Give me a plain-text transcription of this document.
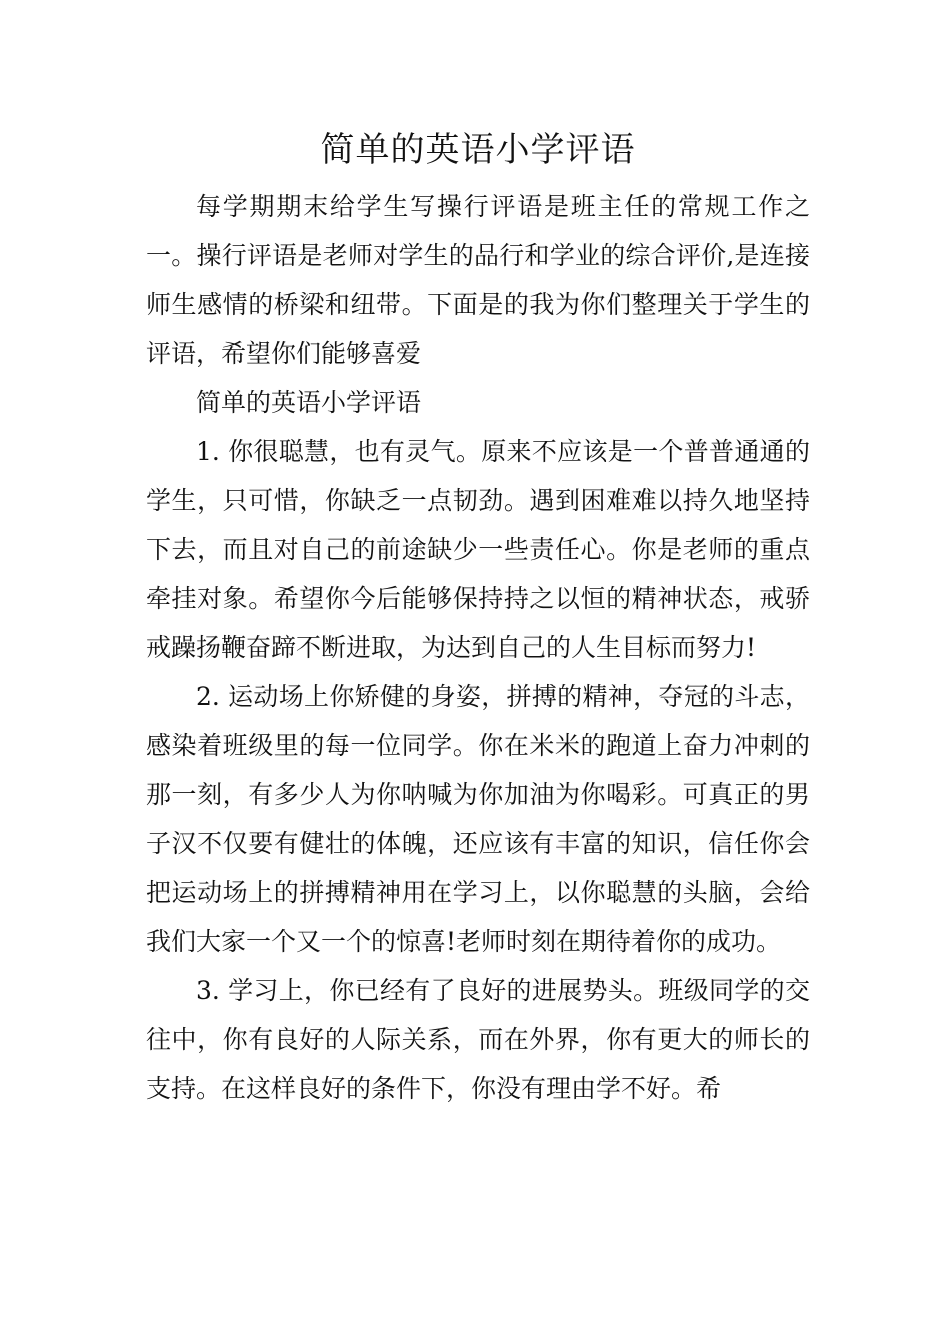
简单的英语小学评语

每学期期末给学生写操行评语是班主任的常规工作之一。操行评语是老师对学生的品行和学业的综合评价,是连接师生感情的桥梁和纽带。下面是的我为你们整理关于学生的评语，希望你们能够喜爱

简单的英语小学评语

1. 你很聪慧，也有灵气。原来不应该是一个普普通通的学生，只可惜，你缺乏一点韧劲。遇到困难难以持久地坚持下去，而且对自己的前途缺少一些责任心。你是老师的重点牵挂对象。希望你今后能够保持持之以恒的精神状态，戒骄戒躁扬鞭奋蹄不断进取，为达到自己的人生目标而努力!

2. 运动场上你矫健的身姿，拼搏的精神，夺冠的斗志，感染着班级里的每一位同学。你在米米的跑道上奋力冲刺的那一刻，有多少人为你呐喊为你加油为你喝彩。可真正的男子汉不仅要有健壮的体魄，还应该有丰富的知识，信任你会把运动场上的拼搏精神用在学习上，以你聪慧的头脑，会给我们大家一个又一个的惊喜!老师时刻在期待着你的成功。

3. 学习上，你已经有了良好的进展势头。班级同学的交往中，你有良好的人际关系，而在外界，你有更大的师长的支持。在这样良好的条件下，你没有理由学不好。希
